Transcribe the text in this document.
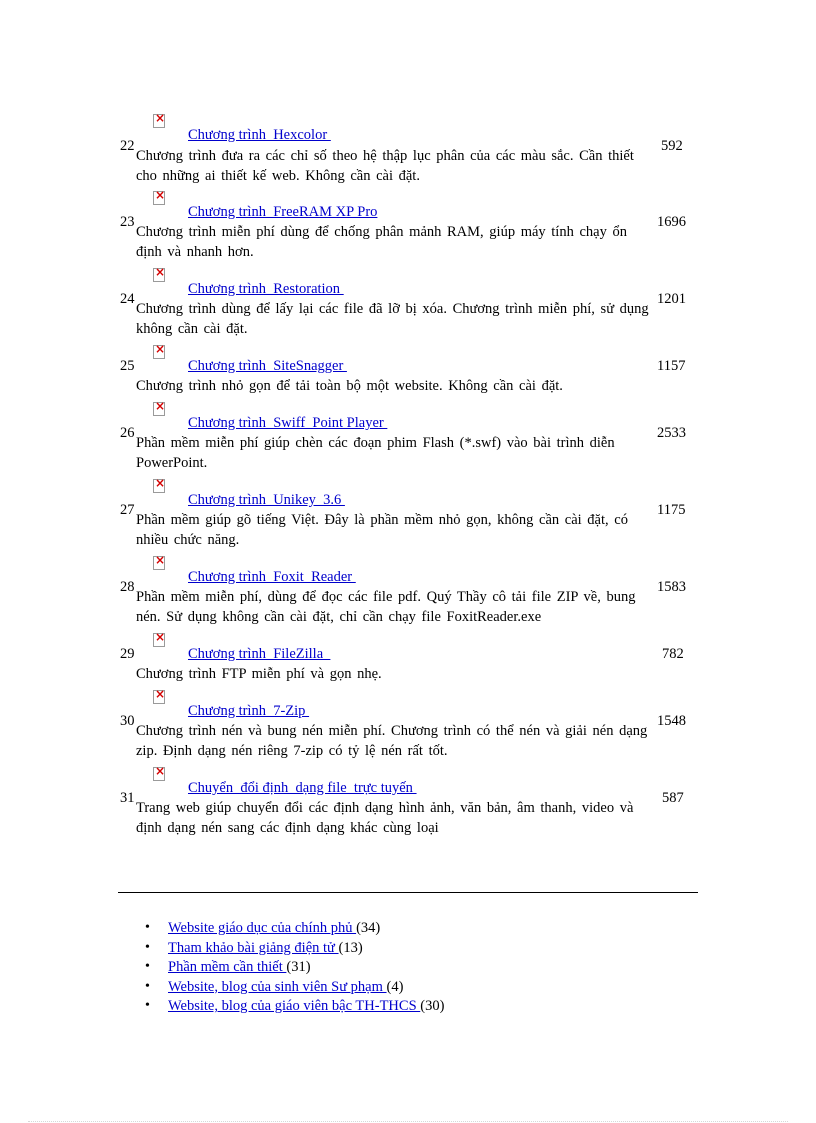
×
Chương trình  Hexcolor
22
Chương trình đưa ra các chỉ số theo hệ thập lục phân của các màu sắc. Cần thiết cho những ai thiết kế web. Không cần cài đặt.
592
×
Chương trình  FreeRAM XP Pro
23
Chương trình miễn phí dùng để chống phân mảnh RAM, giúp máy tính chạy ổn định và nhanh hơn.
1696
×
Chương trình  Restoration
24
Chương trình dùng để lấy lại các file đã lỡ bị xóa. Chương trình miễn phí, sử dụng không cần cài đặt.
1201
×
Chương trình  SiteSnagger
25
Chương trình nhỏ gọn để tải toàn bộ một website. Không cần cài đặt.
1157
×
Chương trình  Swiff  Point Player
26
Phần mềm miễn phí giúp chèn các đoạn phim Flash (*.swf) vào bài trình diễn PowerPoint.
2533
×
Chương trình  Unikey  3.6
27
Phần mềm giúp gõ tiếng Việt. Đây là phần mềm nhỏ gọn, không cần cài đặt, có nhiều chức năng.
1175
×
Chương trình  Foxit  Reader
28
Phần mềm miễn phí, dùng để đọc các file pdf. Quý Thầy cô tải file ZIP về, bung nén. Sử dụng không cần cài đặt, chỉ cần chạy file FoxitReader.exe
1583
×
Chương trình  FileZilla
29
Chương trình FTP miễn phí và gọn nhẹ.
782
×
Chương trình  7-Zip
30
Chương trình nén và bung nén miễn phí. Chương trình có thể nén và giải nén dạng zip. Định dạng nén riêng 7-zip có tỷ lệ nén rất tốt.
1548
×
Chuyển  đổi định  dạng file  trực tuyến
31
Trang web giúp chuyển đổi các định dạng hình ảnh, văn bản, âm thanh, video và định dạng nén sang các định dạng khác cùng loại
587
• Website giáo dục của chính phủ (34)
• Tham khảo bài giảng điện tử (13)
• Phần mềm cần thiết (31)
• Website, blog của sinh viên Sư phạm (4)
• Website, blog của giáo viên bậc TH-THCS (30)
